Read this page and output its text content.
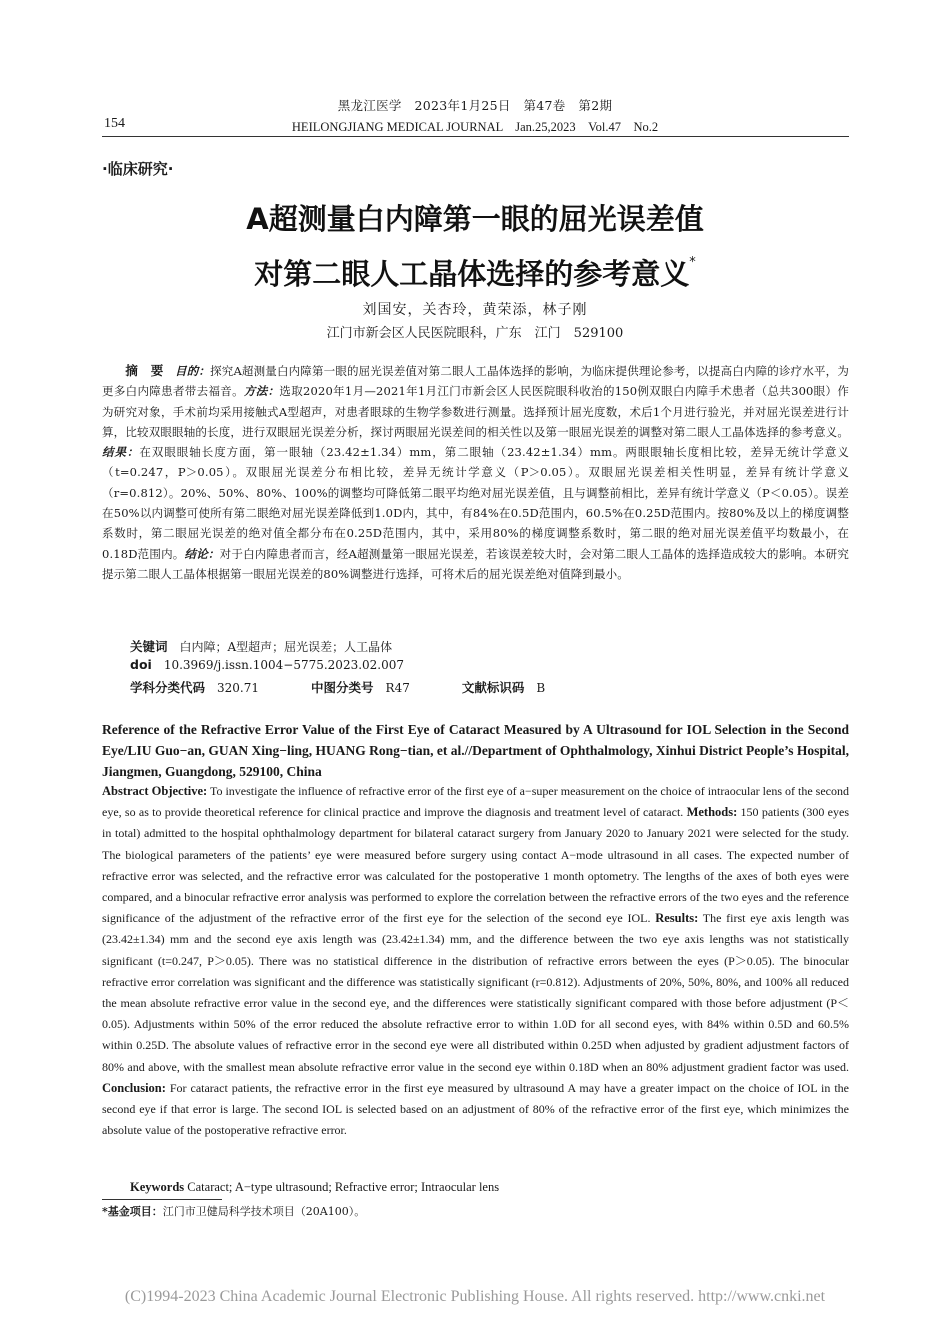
黑龙江医学　2023年1月25日　第47卷　第2期
154	HEILONGJIANG MEDICAL JOURNAL　Jan.25,2023　Vol.47　No.2
·临床研究·
A超测量白内障第一眼的屈光误差值
对第二眼人工晶体选择的参考意义*
刘国安，关杏玲，黄荣添，林子刚
江门市新会区人民医院眼科，广东　江门　529100
  摘　要  目的：探究A超测量白内障第一眼的屈光误差值对第二眼人工晶体选择的影响，为临床提供理论参考，以提高白内障的诊疗水平，为更多白内障患者带去福音。方法：选取2020年1月—2021年1月江门市新会区人民医院眼科收治的150例双眼白内障手术患者（总共300眼）作为研究对象，手术前均采用接触式A型超声，对患者眼球的生物学参数进行测量。选择预计屈光度数，术后1个月进行验光，并对屈光误差进行计算，比较双眼眼轴的长度，进行双眼屈光误差分析，探讨两眼屈光误差间的相关性以及第一眼屈光误差的调整对第二眼人工晶体选择的参考意义。结果：在双眼眼轴长度方面，第一眼轴（23.42±1.34）mm，第二眼轴（23.42±1.34）mm。两眼眼轴长度相比较，差异无统计学意义（t=0.247，P＞0.05）。双眼屈光误差分布相比较，差异无统计学意义（P＞0.05）。双眼屈光误差相关性明显，差异有统计学意义（r=0.812）。20%、50%、80%、100%的调整均可降低第二眼平均绝对屈光误差值，且与调整前相比，差异有统计学意义（P＜0.05）。误差在50%以内调整可使所有第二眼绝对屈光误差降低到1.0D内，其中，有84%在0.5D范围内，60.5%在0.25D范围内。按80%及以上的梯度调整系数时，第二眼屈光误差的绝对值全都分布在0.25D范围内，其中，采用80%的梯度调整系数时，第二眼的绝对屈光误差值平均数最小，在0.18D范围内。结论：对于白内障患者而言，经A超测量第一眼屈光误差，若该误差较大时，会对第二眼人工晶体的选择造成较大的影响。本研究提示第二眼人工晶体根据第一眼屈光误差的80%调整进行选择，可将术后的屈光误差绝对值降到最小。
关键词  白内障；A型超声；屈光误差；人工晶体
doi  10.3969/j.issn.1004−5775.2023.02.007
学科分类代码  320.71	中图分类号  R47	文献标识码  B
Reference of the Refractive Error Value of the First Eye of Cataract Measured by A Ultrasound for IOL Selection in the Second Eye/LIU Guo−an, GUAN Xing−ling, HUANG Rong−tian, et al.//Department of Ophthalmology, Xinhui District People’s Hospital, Jiangmen, Guangdong, 529100, China
Abstract Objective: To investigate the influence of refractive error of the first eye of a−super measurement on the choice of intraocular lens of the second eye, so as to provide theoretical reference for clinical practice and improve the diagnosis and treatment level of cataract. Methods: 150 patients (300 eyes in total) admitted to the hospital ophthalmology department for bilateral cataract surgery from January 2020 to January 2021 were selected for the study. The biological parameters of the patients’ eye were measured before surgery using contact A−mode ultrasound in all cases. The expected number of refractive error was selected, and the refractive error was calculated for the postoperative 1 month optometry. The lengths of the axes of both eyes were compared, and a binocular refractive error analysis was performed to explore the correlation between the refractive errors of the two eyes and the reference significance of the adjustment of the refractive error of the first eye for the selection of the second eye IOL. Results: The first eye axis length was (23.42±1.34) mm and the second eye axis length was (23.42±1.34) mm, and the difference between the two eye axis lengths was not statistically significant (t=0.247, P＞0.05). There was no statistical difference in the distribution of refractive errors between the eyes (P＞0.05). The binocular refractive error correlation was significant and the difference was statistically significant (r=0.812). Adjustments of 20%, 50%, 80%, and 100% all reduced the mean absolute refractive error value in the second eye, and the differences were statistically significant compared with those before adjustment (P＜0.05). Adjustments within 50% of the error reduced the absolute refractive error to within 1.0D for all second eyes, with 84% within 0.5D and 60.5% within 0.25D. The absolute values of refractive error in the second eye were all distributed within 0.25D when adjusted by gradient adjustment factors of 80% and above, with the smallest mean absolute refractive error value in the second eye within 0.18D when an 80% adjustment gradient factor was used. Conclusion: For cataract patients, the refractive error in the first eye measured by ultrasound A may have a greater impact on the choice of IOL in the second eye if that error is large. The second IOL is selected based on an adjustment of 80% of the refractive error of the first eye, which minimizes the absolute value of the postoperative refractive error.
Keywords Cataract; A−type ultrasound; Refractive error; Intraocular lens
*基金项目：江门市卫健局科学技术项目（20A100）。
(C)1994-2023 China Academic Journal Electronic Publishing House. All rights reserved. http://www.cnki.net
